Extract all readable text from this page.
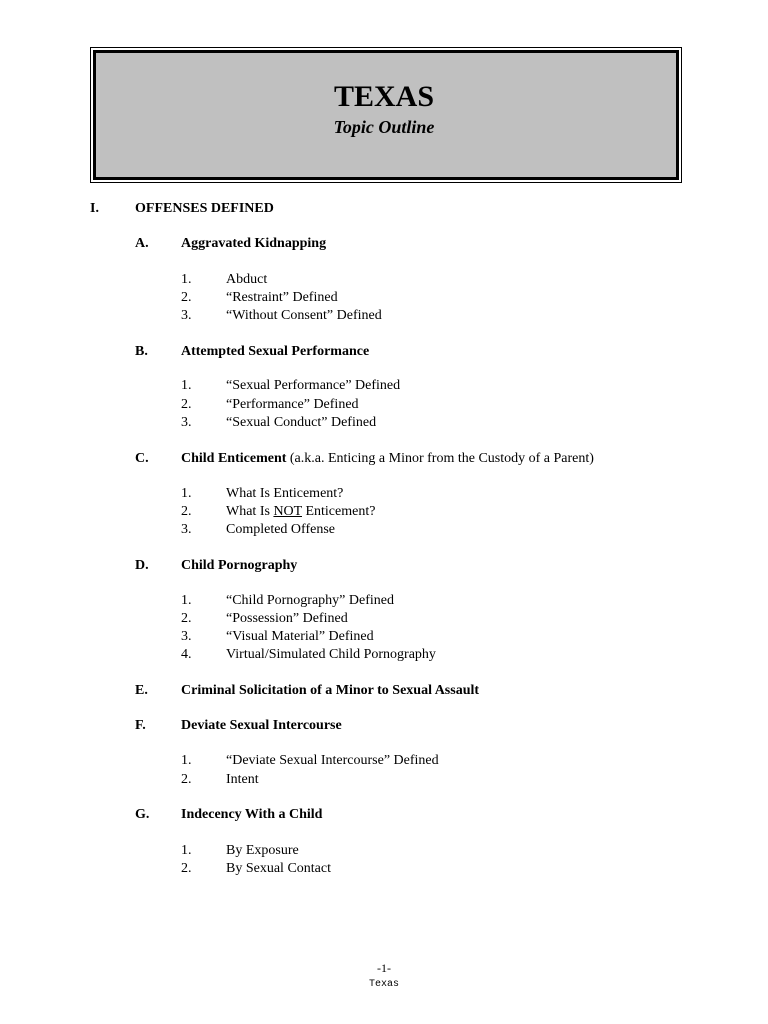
TEXAS
Topic Outline
I.	OFFENSES DEFINED
A. Aggravated Kidnapping
1. Abduct
2. “Restraint” Defined
3. “Without Consent” Defined
B. Attempted Sexual Performance
1. “Sexual Performance” Defined
2. “Performance” Defined
3. “Sexual Conduct” Defined
C. Child Enticement (a.k.a. Enticing a Minor from the Custody of a Parent)
1. What Is Enticement?
2. What Is NOT Enticement?
3. Completed Offense
D. Child Pornography
1. “Child Pornography” Defined
2. “Possession” Defined
3. “Visual Material” Defined
4. Virtual/Simulated Child Pornography
E. Criminal Solicitation of a Minor to Sexual Assault
F.	Deviate Sexual Intercourse
1. “Deviate Sexual Intercourse” Defined
2. Intent
G. Indecency With a Child
1. By Exposure
2. By Sexual Contact
-1-
Texas
